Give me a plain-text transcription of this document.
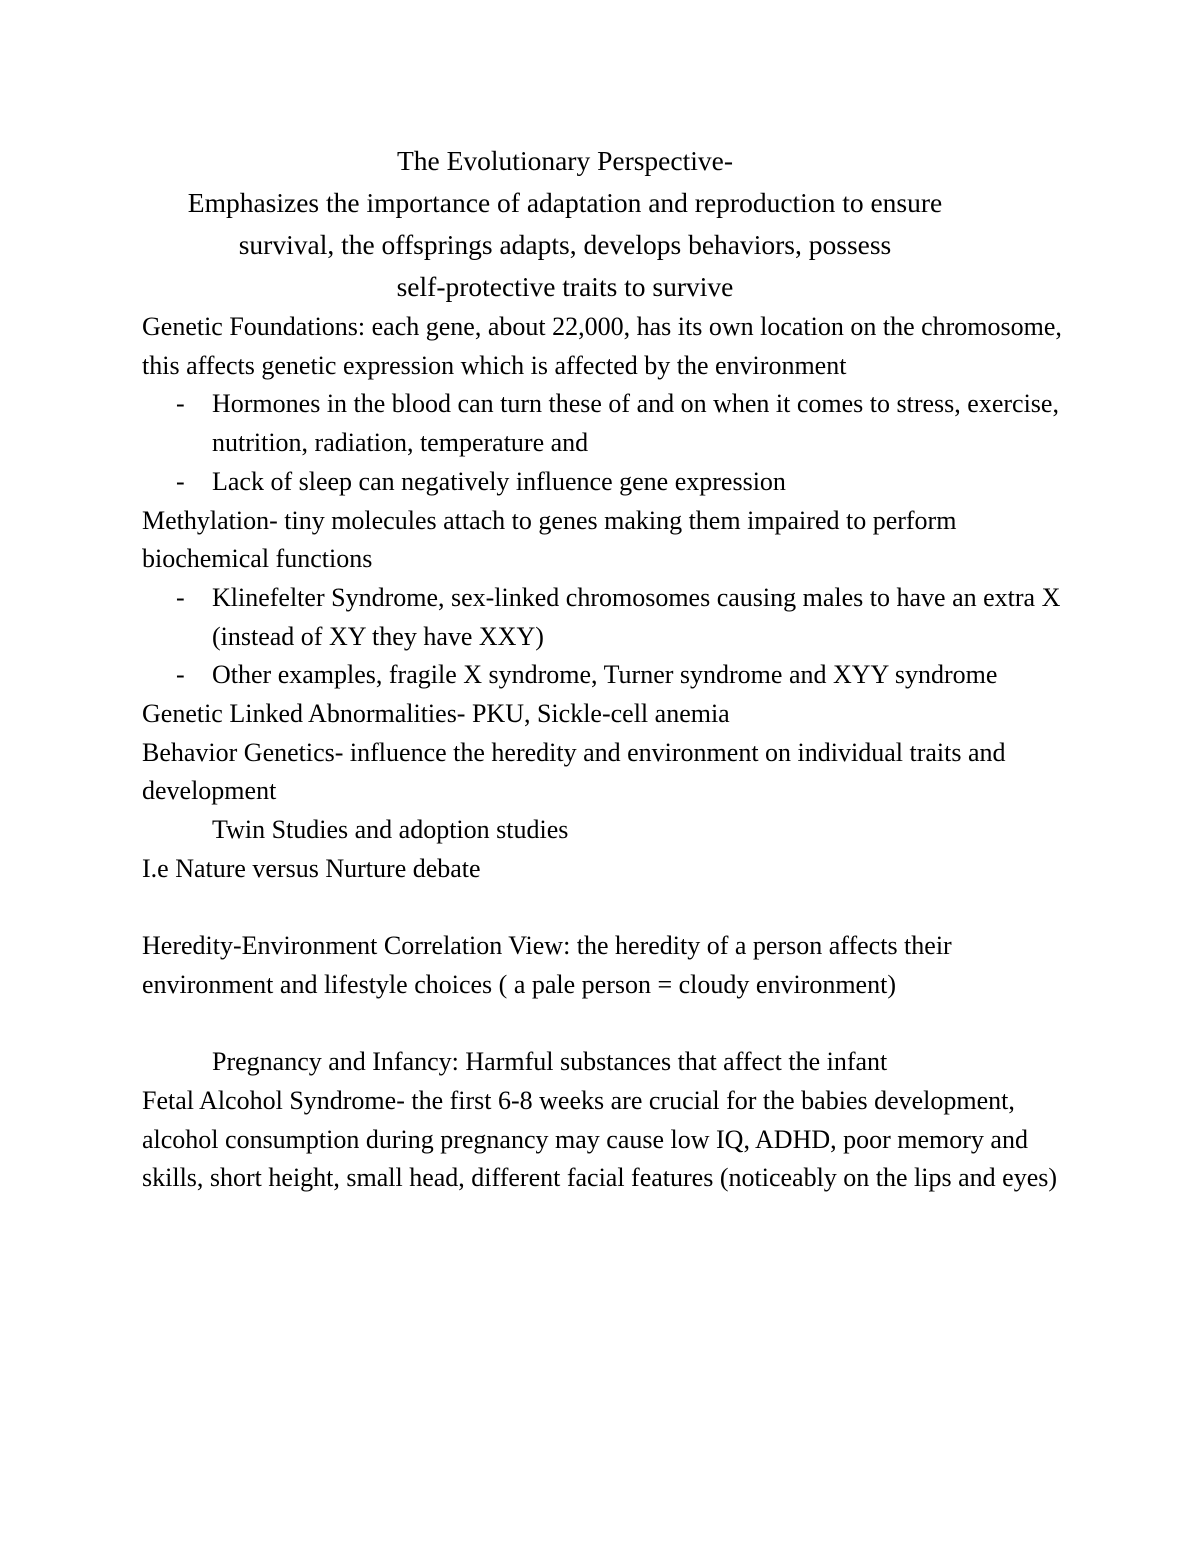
The Evolutionary Perspective-

Emphasizes the importance of adaptation and reproduction to ensure

survival, the offsprings adapts, develops behaviors, possess

self-protective traits to survive

Genetic Foundations: each gene, about 22,000, has its own location on the chromosome, this affects genetic expression which is affected by the environment

- Hormones in the blood can turn these of and on when it comes to stress, exercise, nutrition, radiation, temperature and
- Lack of sleep can negatively influence gene expression

Methylation- tiny molecules attach to genes making them impaired to perform biochemical functions

- Klinefelter Syndrome, sex-linked chromosomes causing males to have an extra X (instead of XY they have XXY)
- Other examples, fragile X syndrome, Turner syndrome and XYY syndrome

Genetic Linked Abnormalities- PKU, Sickle-cell anemia

Behavior Genetics- influence the heredity and environment on individual traits and development

Twin Studies and adoption studies

I.e Nature versus Nurture debate

Heredity-Environment Correlation View: the heredity of a person affects their environment and lifestyle choices ( a pale person = cloudy environment)

Pregnancy and Infancy: Harmful substances that affect the infant

Fetal Alcohol Syndrome- the first 6-8 weeks are crucial for the babies development, alcohol consumption during pregnancy may cause low IQ, ADHD, poor memory and skills, short height, small head, different facial features (noticeably on the lips and eyes)
